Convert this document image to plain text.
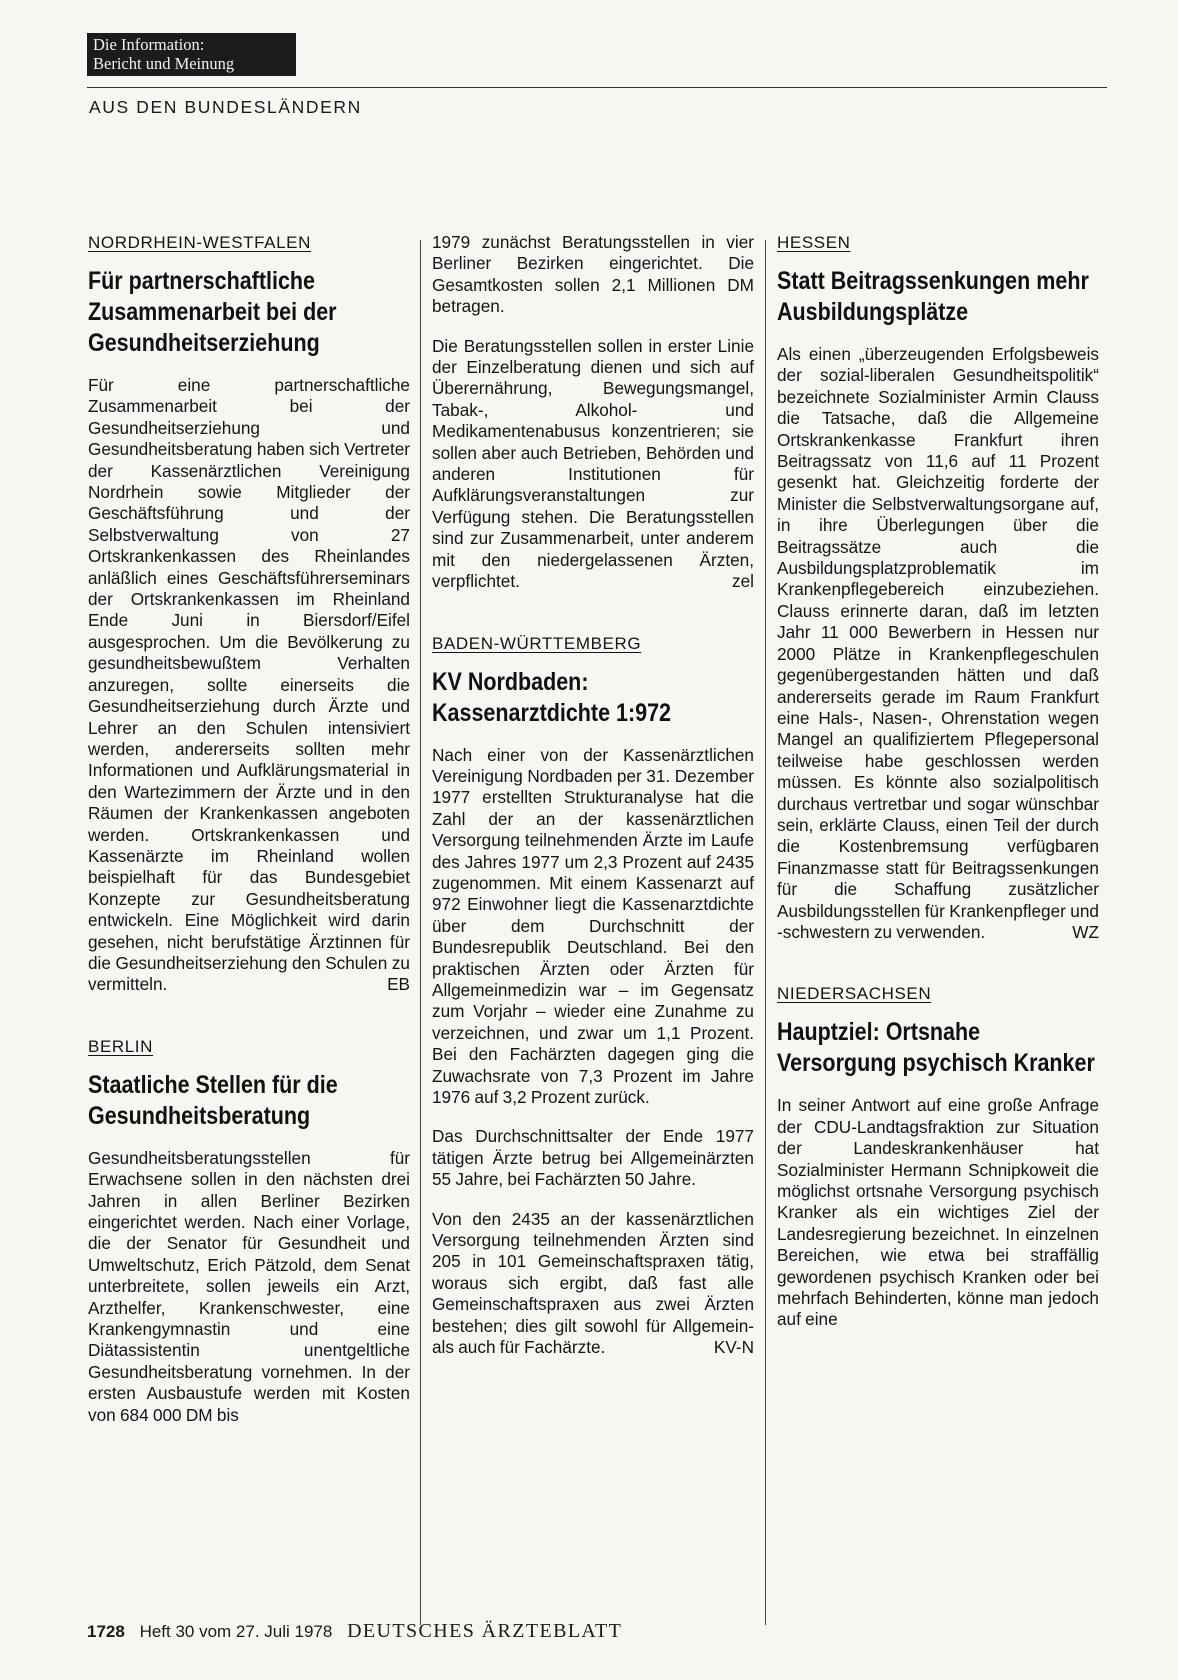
Die Information:
Bericht und Meinung
AUS DEN BUNDESLÄNDERN
NORDRHEIN-WESTFALEN
Für partnerschaftliche Zusammenarbeit bei der Gesundheitserziehung
Für eine partnerschaftliche Zusammenarbeit bei der Gesundheitserziehung und Gesundheitsberatung haben sich Vertreter der Kassenärztlichen Vereinigung Nordrhein sowie Mitglieder der Geschäftsführung und der Selbstverwaltung von 27 Ortskrankenkassen des Rheinlandes anläßlich eines Geschäftsführerseminars der Ortskrankenkassen im Rheinland Ende Juni in Biersdorf/Eifel ausgesprochen. Um die Bevölkerung zu gesundheitsbewußtem Verhalten anzuregen, sollte einerseits die Gesundheitserziehung durch Ärzte und Lehrer an den Schulen intensiviert werden, andererseits sollten mehr Informationen und Aufklärungsmaterial in den Wartezimmern der Ärzte und in den Räumen der Krankenkassen angeboten werden. Ortskrankenkassen und Kassenärzte im Rheinland wollen beispielhaft für das Bundesgebiet Konzepte zur Gesundheitsberatung entwickeln. Eine Möglichkeit wird darin gesehen, nicht berufstätige Ärztinnen für die Gesundheitserziehung den Schulen zu vermitteln.	EB
BERLIN
Staatliche Stellen für die Gesundheitsberatung
Gesundheitsberatungsstellen für Erwachsene sollen in den nächsten drei Jahren in allen Berliner Bezirken eingerichtet werden. Nach einer Vorlage, die der Senator für Gesundheit und Umweltschutz, Erich Pätzold, dem Senat unterbreitete, sollen jeweils ein Arzt, Arzthelfer, Krankenschwester, eine Krankengymnastin und eine Diätassistentin unentgeltliche Gesundheitsberatung vornehmen. In der ersten Ausbaustufe werden mit Kosten von 684 000 DM bis
1979 zunächst Beratungsstellen in vier Berliner Bezirken eingerichtet. Die Gesamtkosten sollen 2,1 Millionen DM betragen.
Die Beratungsstellen sollen in erster Linie der Einzelberatung dienen und sich auf Überernährung, Bewegungsmangel, Tabak-, Alkohol- und Medikamentenabusus konzentrieren; sie sollen aber auch Betrieben, Behörden und anderen Institutionen für Aufklärungsveranstaltungen zur Verfügung stehen. Die Beratungsstellen sind zur Zusammenarbeit, unter anderem mit den niedergelassenen Ärzten, verpflichtet.	zel
BADEN-WÜRTTEMBERG
KV Nordbaden: Kassenarztdichte 1:972
Nach einer von der Kassenärztlichen Vereinigung Nordbaden per 31. Dezember 1977 erstellten Strukturanalyse hat die Zahl der an der kassenärztlichen Versorgung teilnehmenden Ärzte im Laufe des Jahres 1977 um 2,3 Prozent auf 2435 zugenommen. Mit einem Kassenarzt auf 972 Einwohner liegt die Kassenarztdichte über dem Durchschnitt der Bundesrepublik Deutschland. Bei den praktischen Ärzten oder Ärzten für Allgemeinmedizin war – im Gegensatz zum Vorjahr – wieder eine Zunahme zu verzeichnen, und zwar um 1,1 Prozent. Bei den Fachärzten dagegen ging die Zuwachsrate von 7,3 Prozent im Jahre 1976 auf 3,2 Prozent zurück.
Das Durchschnittsalter der Ende 1977 tätigen Ärzte betrug bei Allgemeinärzten 55 Jahre, bei Fachärzten 50 Jahre.
Von den 2435 an der kassenärztlichen Versorgung teilnehmenden Ärzten sind 205 in 101 Gemeinschaftspraxen tätig, woraus sich ergibt, daß fast alle Gemeinschaftspraxen aus zwei Ärzten bestehen; dies gilt sowohl für Allgemein- als auch für Fachärzte.	KV-N
HESSEN
Statt Beitragssenkungen mehr Ausbildungsplätze
Als einen „überzeugenden Erfolgsbeweis der sozial-liberalen Gesundheitspolitik“ bezeichnete Sozialminister Armin Clauss die Tatsache, daß die Allgemeine Ortskrankenkasse Frankfurt ihren Beitragssatz von 11,6 auf 11 Prozent gesenkt hat. Gleichzeitig forderte der Minister die Selbstverwaltungsorgane auf, in ihre Überlegungen über die Beitragssätze auch die Ausbildungsplatzproblematik im Krankenpflegebereich einzubeziehen. Clauss erinnerte daran, daß im letzten Jahr 11 000 Bewerbern in Hessen nur 2000 Plätze in Krankenpflegeschulen gegenübergestanden hätten und daß andererseits gerade im Raum Frankfurt eine Hals-, Nasen-, Ohrenstation wegen Mangel an qualifiziertem Pflegepersonal teilweise habe geschlossen werden müssen. Es könnte also sozialpolitisch durchaus vertretbar und sogar wünschbar sein, erklärte Clauss, einen Teil der durch die Kostenbremsung verfügbaren Finanzmasse statt für Beitragssenkungen für die Schaffung zusätzlicher Ausbildungsstellen für Krankenpfleger und -schwestern zu verwenden.	WZ
NIEDERSACHSEN
Hauptziel: Ortsnahe Versorgung psychisch Kranker
In seiner Antwort auf eine große Anfrage der CDU-Landtagsfraktion zur Situation der Landeskrankenhäuser hat Sozialminister Hermann Schnipkoweit die möglichst ortsnahe Versorgung psychisch Kranker als ein wichtiges Ziel der Landesregierung bezeichnet. In einzelnen Bereichen, wie etwa bei straffällig gewordenen psychisch Kranken oder bei mehrfach Behinderten, könne man jedoch auf eine
1728 Heft 30 vom 27. Juli 1978 DEUTSCHES ÄRZTEBLATT
